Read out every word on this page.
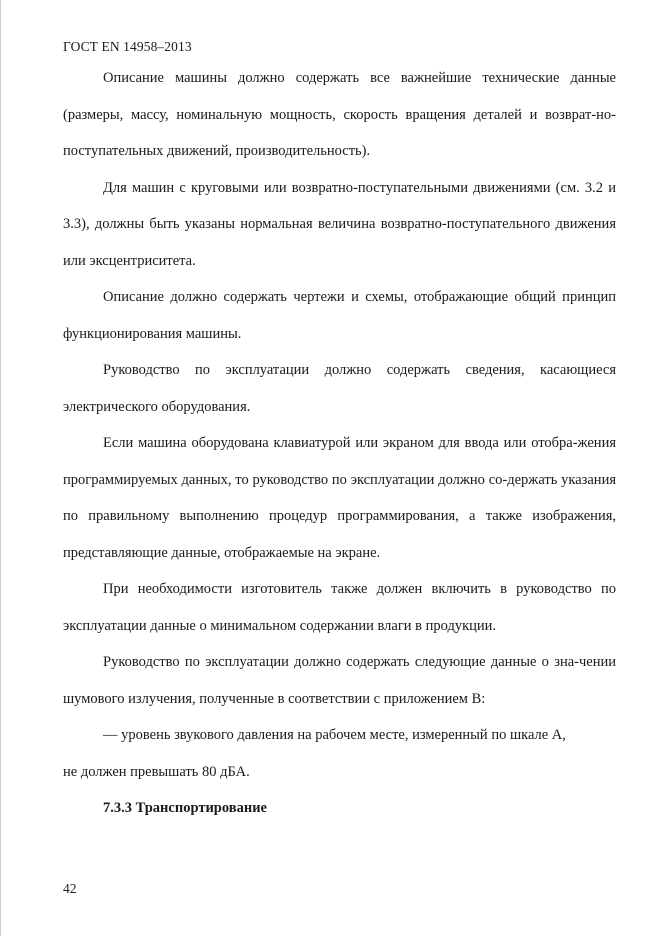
ГОСТ EN 14958–2013

Описание машины должно содержать все важнейшие технические данные (размеры, массу, номинальную мощность, скорость вращения деталей и возврат-но-поступательных движений, производительность).

Для машин с круговыми или возвратно-поступательными движениями (см. 3.2 и 3.3), должны быть указаны нормальная величина возвратно-поступательного движения или эксцентриситета.

Описание должно содержать чертежи и схемы, отображающие общий принцип функционирования машины.

Руководство по эксплуатации должно содержать сведения, касающиеся электрического оборудования.

Если машина оборудована клавиатурой или экраном для ввода или отобра-жения программируемых данных, то руководство по эксплуатации должно со-держать указания по правильному выполнению процедур программирования, а также изображения, представляющие данные, отображаемые на экране.

При необходимости изготовитель также должен включить в руководство по эксплуатации данные о минимальном содержании влаги в продукции.

Руководство по эксплуатации должно содержать следующие данные о зна-чении шумового излучения, полученные в соответствии с приложением В:

— уровень звукового давления на рабочем месте, измеренный по шкале А,

не должен превышать 80 дБА.

7.3.3 Транспортирование

42
